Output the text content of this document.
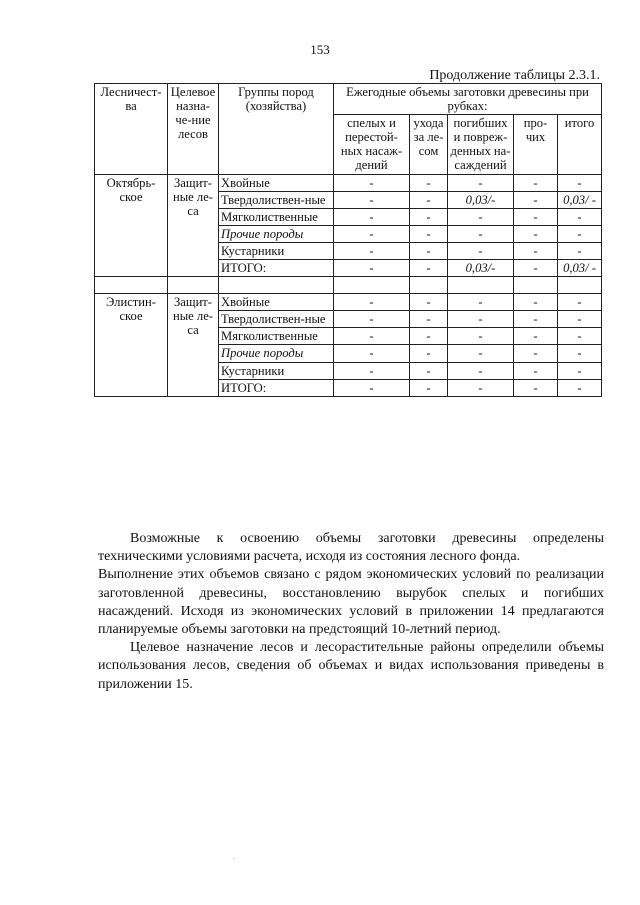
153
Продолжение таблицы 2.3.1.
Лесничест-ва	Целевое назна-че-ние лесов	Группы пород (хозяйства)	Ежегодные объемы заготовки древесины при рубках:				
			спелых и перестой-ных насаж-дений	ухода за ле-сом	погибших и повреж-денных на-саждений	про-чих	итого
Октябрь-ское	Защит-ные ле-са	Хвойные	-	-	-	-	-
		Твердолиствен-ные	-	-	0,03/-	-	0,03/ -
		Мягколиственные	-	-	-	-	-
		Прочие породы	-	-	-	-	-
		Кустарники	-	-	-	-	-
		ИТОГО:	-	-	0,03/-	-	0,03/ -

Элистин-ское	Защит-ные ле-са	Хвойные	-	-	-	-	-
		Твердолиствен-ные	-	-	-	-	-
		Мягколиственные	-	-	-	-	-
		Прочие породы	-	-	-	-	-
		Кустарники	-	-	-	-	-
		ИТОГО:	-	-	-	-	-

Возможные к освоению объемы заготовки древесины определены техническими условиями расчета, исходя из состояния лесного фонда.

Выполнение этих объемов связано с рядом экономических условий по реализации заготовленной древесины, восстановлению вырубок спелых и погибших насаждений. Исходя из экономических условий в приложении 14 предлагаются планируемые объемы заготовки на предстоящий 10-летний период.

Целевое назначение лесов и лесорастительные районы определили объемы использования лесов, сведения об объемах и видах использования приведены в приложении 15.

.
